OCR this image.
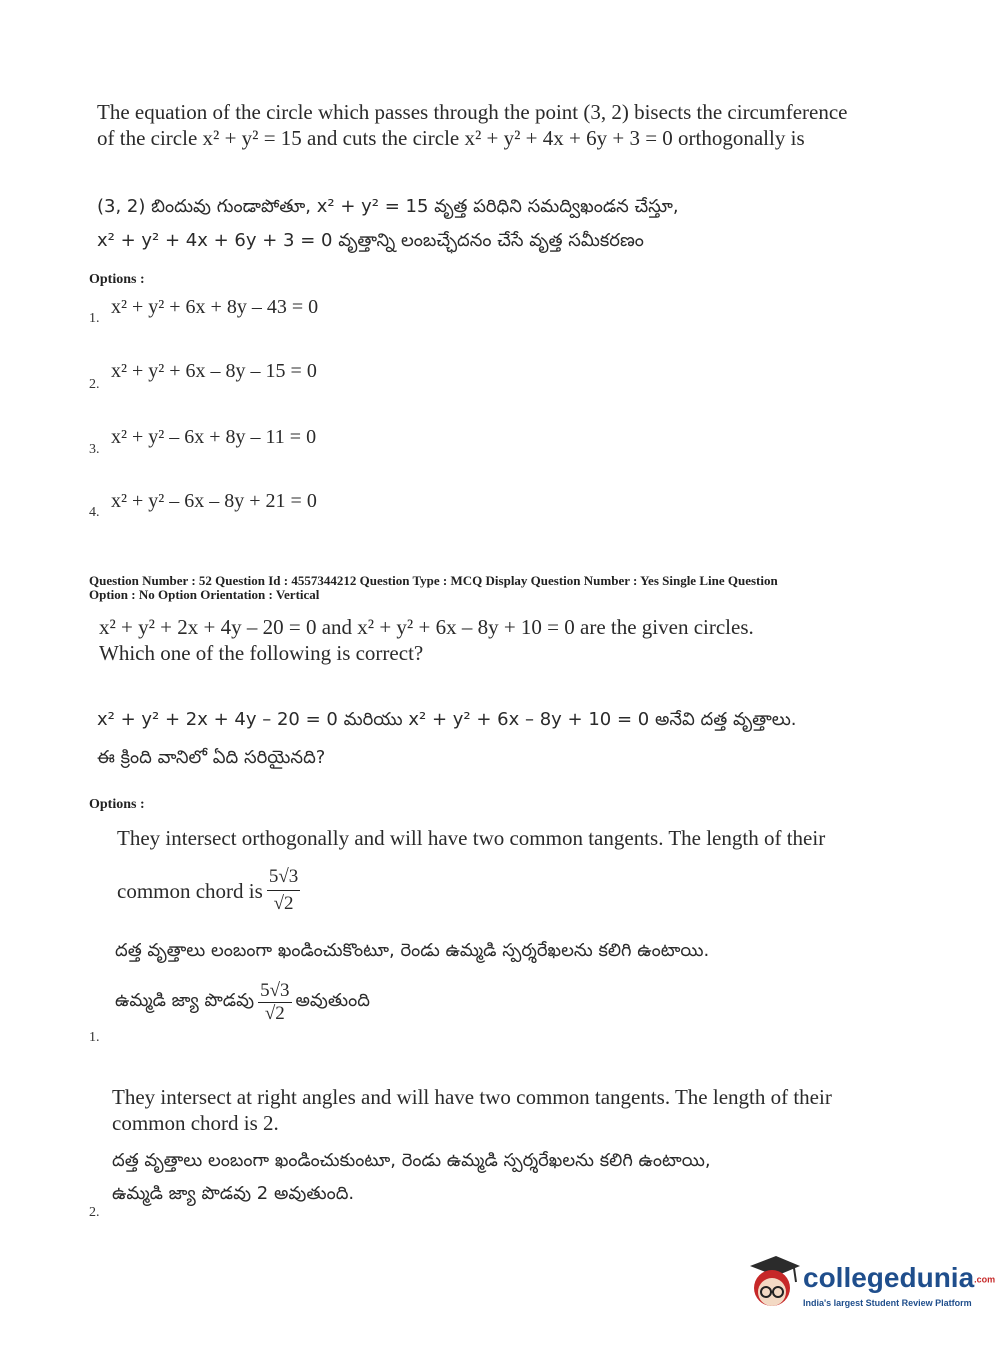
The equation of the circle which passes through the point (3, 2) bisects the circumference
of the circle x² + y² = 15 and cuts the circle x² + y² + 4x + 6y + 3 = 0 orthogonally is
(3, 2) బిందువు గుండాపోతూ, x² + y² = 15 వృత్త పరిధిని సమద్విఖండన చేస్తూ,
x² + y² + 4x + 6y + 3 = 0 వృత్తాన్ని లంబచ్ఛేదనం చేసే వృత్త సమీకరణం
Options :
1.
x² + y² + 6x + 8y – 43 = 0
2.
x² + y² + 6x – 8y – 15 = 0
3.
x² + y² – 6x + 8y – 11 = 0
4.
x² + y² – 6x – 8y + 21 = 0
Question Number : 52 Question Id : 4557344212 Question Type : MCQ Display Question Number : Yes Single Line Question
Option : No Option Orientation : Vertical
x² + y² + 2x + 4y – 20 = 0 and x² + y² + 6x – 8y + 10 = 0 are the given circles.
Which one of the following is correct?
x² + y² + 2x + 4y – 20 = 0 మరియు x² + y² + 6x – 8y + 10 = 0 అనేవి దత్త వృత్తాలు.
ఈ క్రింది వానిలో ఏది సరియైనది?
Options :
They intersect orthogonally and will have two common tangents. The length of their
common chord is $\frac{5√3}{√2}$
దత్త వృత్తాలు లంబంగా ఖండించుకొంటూ, రెండు ఉమ్మడి స్పర్శరేఖలను కలిగి ఉంటాయి.
ఉమ్మడి జ్యా పొడవు $\frac{5√3}{√2}$ అవుతుంది
1.
They intersect at right angles and will have two common tangents. The length of their
common chord is 2.
దత్త వృత్తాలు లంబంగా ఖండించుకుంటూ, రెండు ఉమ్మడి స్పర్శరేఖలను కలిగి ఉంటాయి,
ఉమ్మడి జ్యా పొడవు 2 అవుతుంది.
2.
collegedunia.com
India's largest Student Review Platform
